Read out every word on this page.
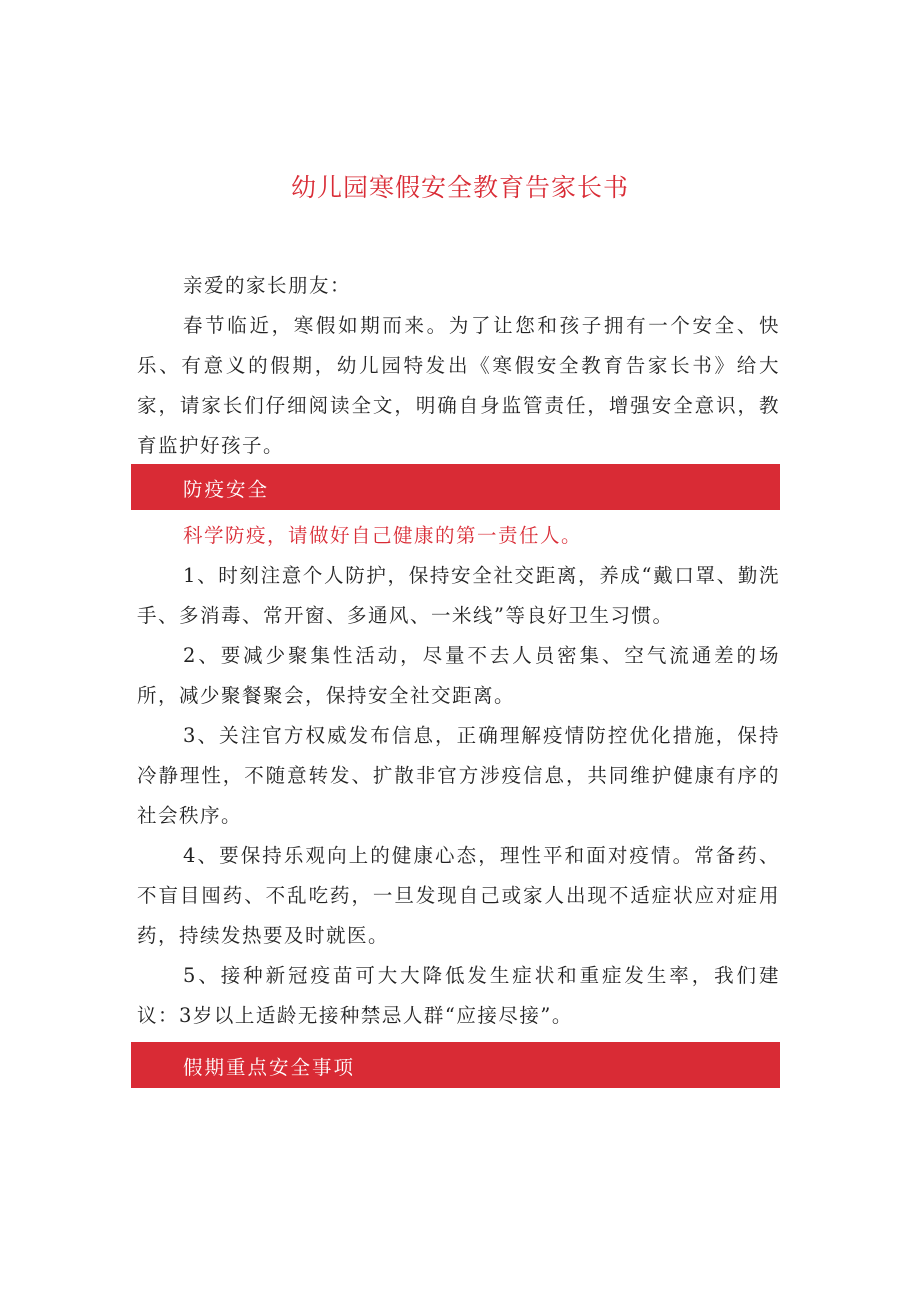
幼儿园寒假安全教育告家长书

亲爱的家长朋友：

春节临近，寒假如期而来。为了让您和孩子拥有一个安全、快乐、有意义的假期，幼儿园特发出《寒假安全教育告家长书》给大家，请家长们仔细阅读全文，明确自身监管责任，增强安全意识，教育监护好孩子。

防疫安全

科学防疫，请做好自己健康的第一责任人。

1、时刻注意个人防护，保持安全社交距离，养成“戴口罩、勤洗手、多消毒、常开窗、多通风、一米线”等良好卫生习惯。

2、要减少聚集性活动，尽量不去人员密集、空气流通差的场所，减少聚餐聚会，保持安全社交距离。

3、关注官方权威发布信息，正确理解疫情防控优化措施，保持冷静理性，不随意转发、扩散非官方涉疫信息，共同维护健康有序的社会秩序。

4、要保持乐观向上的健康心态，理性平和面对疫情。常备药、不盲目囤药、不乱吃药，一旦发现自己或家人出现不适症状应对症用药，持续发热要及时就医。

5、接种新冠疫苗可大大降低发生症状和重症发生率，我们建议：3岁以上适龄无接种禁忌人群“应接尽接”。

假期重点安全事项
